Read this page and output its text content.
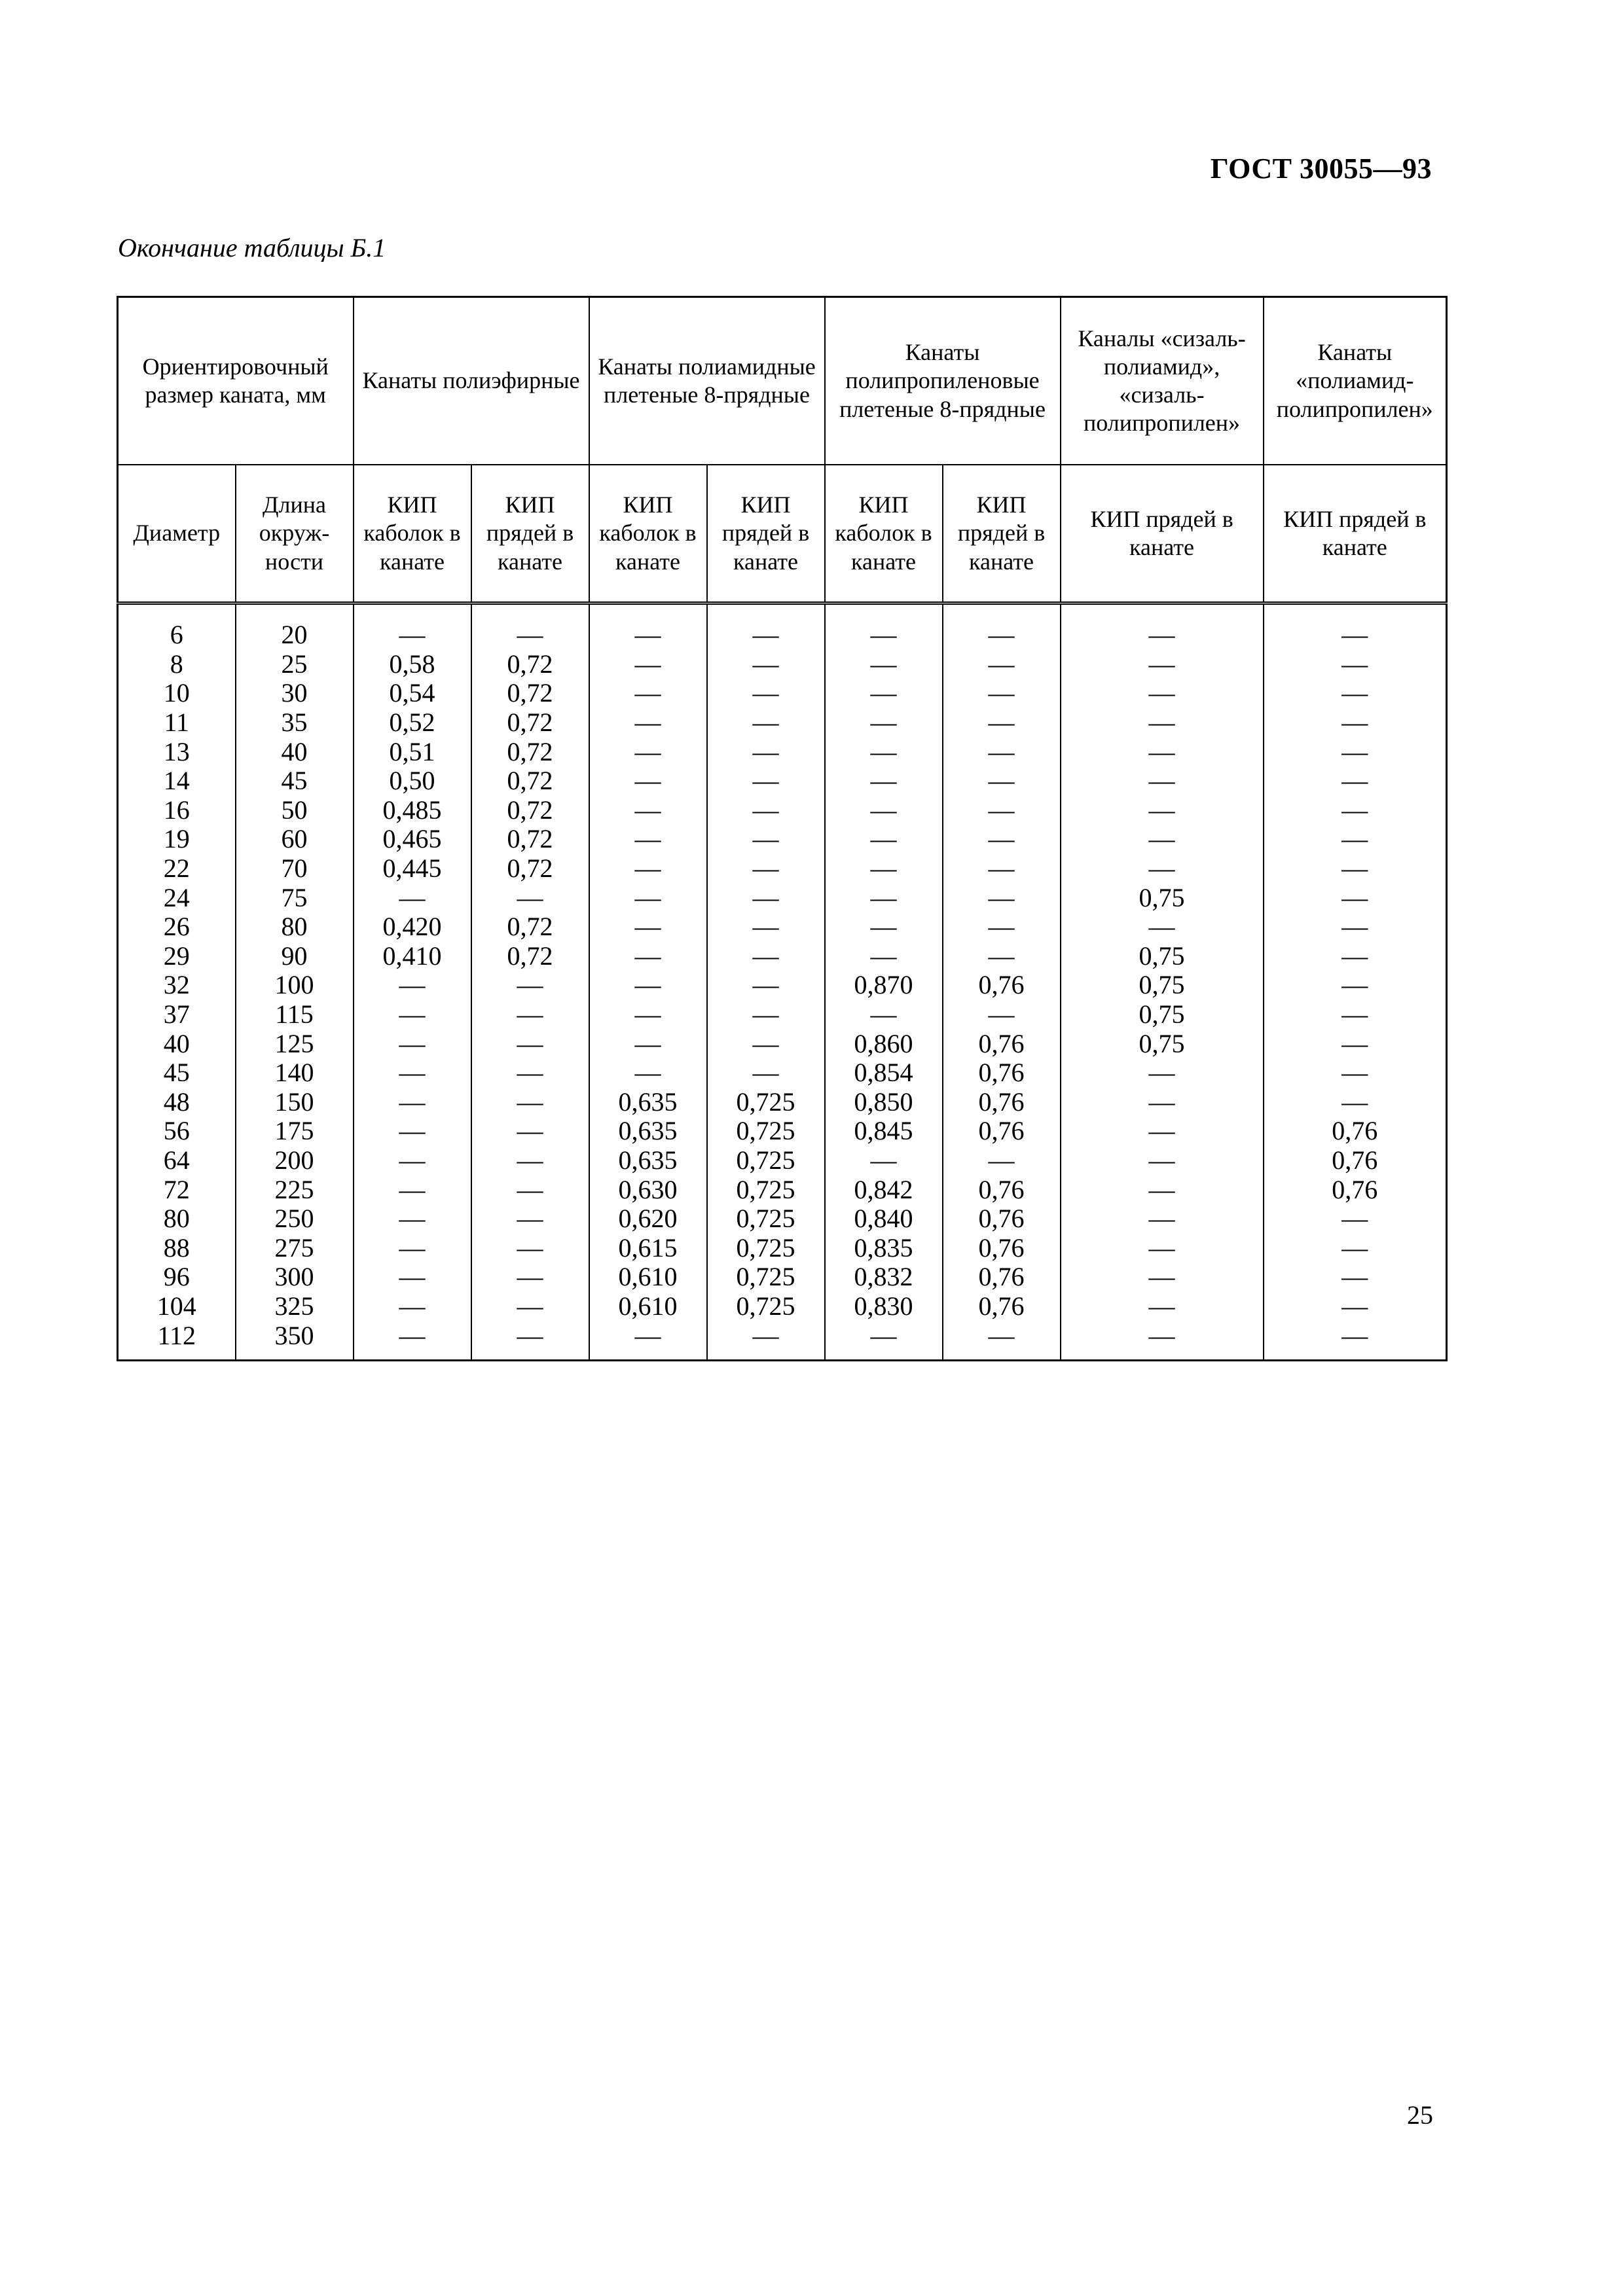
ГОСТ 30055—93
Окончание таблицы Б.1
Ориентировочный размер каната, мм		Канаты полиэфирные		Канаты полиамидные плетеные 8-прядные		Канаты полипропиленовые плетеные 8-прядные		Каналы «сизаль-полиамид», «сизаль-полипропилен»	Канаты «полиамид-полипропилен»
Диаметр	Длина окруж-ности	КИП каболок в канате	КИП прядей в канате	КИП каболок в канате	КИП прядей в канате	КИП каболок в канате	КИП прядей в канате	КИП прядей в канате	КИП прядей в канате
6	20	—	—	—	—	—	—	—	—
8	25	0,58	0,72	—	—	—	—	—	—
10	30	0,54	0,72	—	—	—	—	—	—
11	35	0,52	0,72	—	—	—	—	—	—
13	40	0,51	0,72	—	—	—	—	—	—
14	45	0,50	0,72	—	—	—	—	—	—
16	50	0,485	0,72	—	—	—	—	—	—
19	60	0,465	0,72	—	—	—	—	—	—
22	70	0,445	0,72	—	—	—	—	—	—
24	75	—	—	—	—	—	—	0,75	—
26	80	0,420	0,72	—	—	—	—	—	—
29	90	0,410	0,72	—	—	—	—	0,75	—
32	100	—	—	—	—	0,870	0,76	0,75	—
37	115	—	—	—	—	—	—	0,75	—
40	125	—	—	—	—	0,860	0,76	0,75	—
45	140	—	—	—	—	0,854	0,76	—	—
48	150	—	—	0,635	0,725	0,850	0,76	—	—
56	175	—	—	0,635	0,725	0,845	0,76	—	0,76
64	200	—	—	0,635	0,725	—	—	—	0,76
72	225	—	—	0,630	0,725	0,842	0,76	—	0,76
80	250	—	—	0,620	0,725	0,840	0,76	—	—
88	275	—	—	0,615	0,725	0,835	0,76	—	—
96	300	—	—	0,610	0,725	0,832	0,76	—	—
104	325	—	—	0,610	0,725	0,830	0,76	—	—
112	350	—	—	—	—	—	—	—	—
25
